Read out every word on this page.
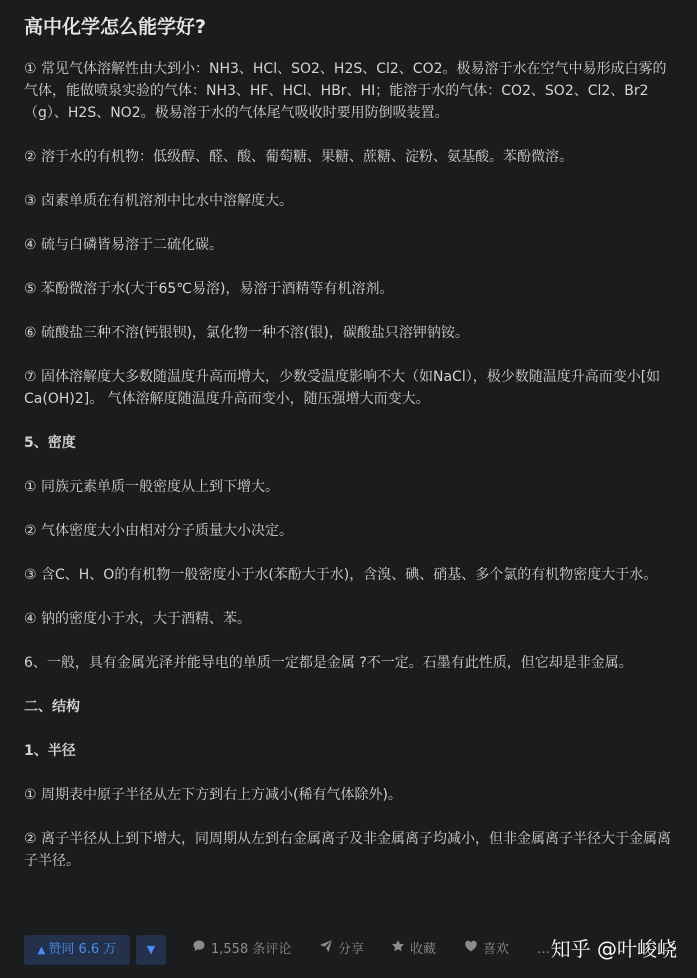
高中化学怎么能学好?

① 常见气体溶解性由大到小：NH3、HCl、SO2、H2S、Cl2、CO2。极易溶于水在空气中易形成白雾的气体，能做喷泉实验的气体：NH3、HF、HCl、HBr、HI；能溶于水的气体：CO2、SO2、Cl2、Br2（g）、H2S、NO2。极易溶于水的气体尾气吸收时要用防倒吸装置。

② 溶于水的有机物：低级醇、醛、酸、葡萄糖、果糖、蔗糖、淀粉、氨基酸。苯酚微溶。

③ 卤素单质在有机溶剂中比水中溶解度大。

④ 硫与白磷皆易溶于二硫化碳。

⑤ 苯酚微溶于水(大于65℃易溶)，易溶于酒精等有机溶剂。

⑥ 硫酸盐三种不溶(钙银钡)，氯化物一种不溶(银)，碳酸盐只溶钾钠铵。

⑦ 固体溶解度大多数随温度升高而增大，少数受温度影响不大（如NaCl），极少数随温度升高而变小[如Ca(OH)2]。 气体溶解度随温度升高而变小，随压强增大而变大。

5、密度

① 同族元素单质一般密度从上到下增大。

② 气体密度大小由相对分子质量大小决定。

③ 含C、H、O的有机物一般密度小于水(苯酚大于水)，含溴、碘、硝基、多个氯的有机物密度大于水。

④ 钠的密度小于水，大于酒精、苯。

6、一般，具有金属光泽并能导电的单质一定都是金属 ?不一定。石墨有此性质，但它却是非金属。

二、结构

1、半径

① 周期表中原子半径从左下方到右上方减小(稀有气体除外)。

② 离子半径从上到下增大，同周期从左到右金属离子及非金属离子均减小，但非金属离子半径大于金属离子半径。

▲ 赞同 6.6 万	▼	1,558 条评论	分享	收藏	喜欢 … 知乎 @叶峻峣
